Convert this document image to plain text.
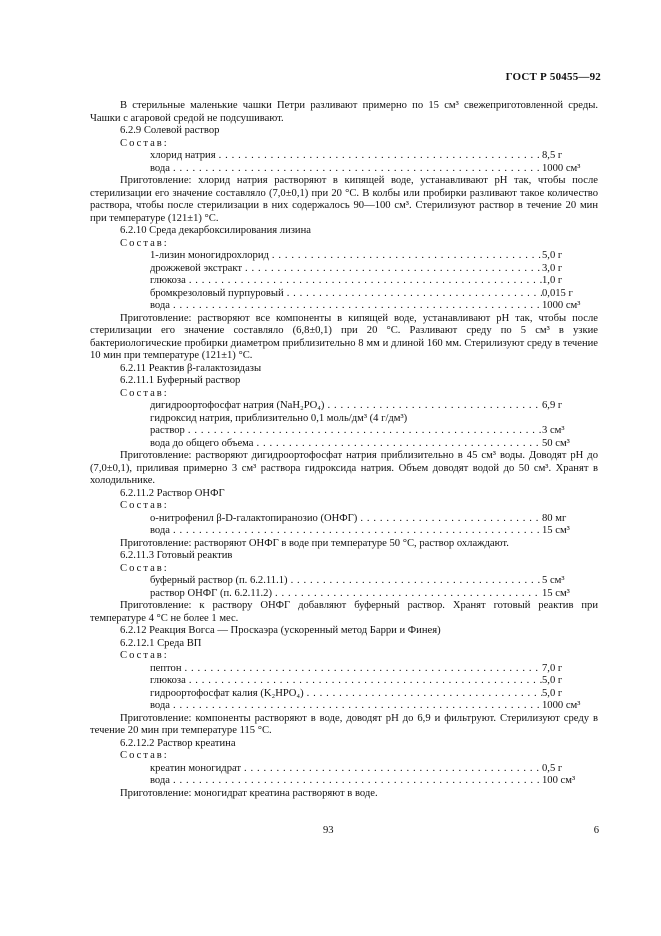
ГОСТ Р 50455—92

В стерильные маленькие чашки Петри разливают примерно по 15 см³ свежеприготовленной среды. Чашки с агаровой средой не подсушивают.

6.2.9 Солевой раствор

Состав:

хлорид натрия . . .	8,5 г
вода . . .	1000 см³

Приготовление: хлорид натрия растворяют в кипящей воде, устанавливают pH так, чтобы после стерилизации его значение составляло (7,0±0,1) при 20 °С. В колбы или пробирки разливают такое количество раствора, чтобы после стерилизации в них содержалось 90—100 см³. Стерилизуют раствор в течение 20 мин при температуре (121±1) °С.

6.2.10 Среда декарбоксилирования лизина

Состав:

1-лизин моногидрохлорид . . .	5,0 г
дрожжевой экстракт . . .	3,0 г
глюкоза . . .	1,0 г
бромкрезоловый пурпуровый . . .	0,015 г
вода . . .	1000 см³

Приготовление: растворяют все компоненты в кипящей воде, устанавливают pH так, чтобы после стерилизации его значение составляло (6,8±0,1) при 20 °С. Разливают среду по 5 см³ в узкие бактериологические пробирки диаметром приблизительно 8 мм и длиной 160 мм. Стерилизуют среду в течение 10 мин при температуре (121±1) °С.

6.2.11 Реактив β-галактозидазы

6.2.11.1 Буферный раствор

Состав:

дигидроортофосфат натрия (NaH₂PO₄) . . .	6,9 г
гидроксид натрия, приблизительно 0,1 моль/дм³ (4 г/дм³)
раствор . . .	3 см³
вода до общего объема . . .	50 см³

Приготовление: растворяют дигидроортофосфат натрия приблизительно в 45 см³ воды. Доводят pH до (7,0±0,1), приливая примерно 3 см³ раствора гидроксида натрия. Объем доводят водой до 50 см³. Хранят в холодильнике.

6.2.11.2 Раствор ОНФГ

Состав:

o-нитрофенил β-D-галактопиранозио (ОНФГ) . . .	80 мг
вода . . .	15 см³

Приготовление: растворяют ОНФГ в воде при температуре 50 °С, раствор охлаждают.

6.2.11.3 Готовый реактив

Состав:

буферный раствор (п. 6.2.11.1) . . .	5 см³
раствор ОНФГ (п. 6.2.11.2) . . .	15 см³

Приготовление: к раствору ОНФГ добавляют буферный раствор. Хранят готовый реактив при температуре 4 °С не более 1 мес.

6.2.12 Реакция Вогса — Проскаэра (ускоренный метод Барри и Финея)

6.2.12.1 Среда ВП

Состав:

пептон . . .	7,0 г
глюкоза . . .	5,0 г
гидроортофосфат калия (K₂HPO₄) . . .	5,0 г
вода . . .	1000 см³

Приготовление: компоненты растворяют в воде, доводят pH до 6,9 и фильтруют. Стерилизуют среду в течение 20 мин при температуре 115 °С.

6.2.12.2 Раствор креатина

Состав:

креатин моногидрат . . .	0,5 г
вода . . .	100 см³

Приготовление: моногидрат креатина растворяют в воде.

93	6
